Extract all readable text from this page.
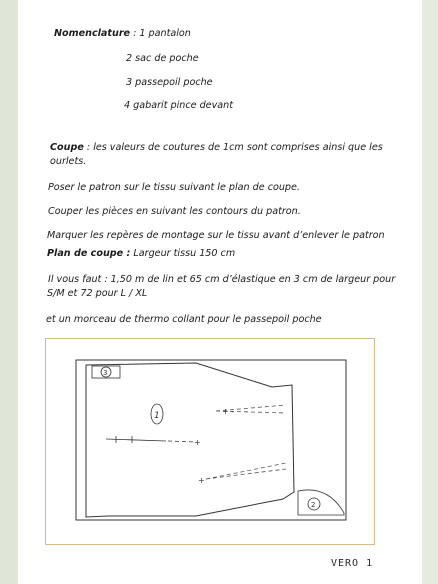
Nomenclature : 1 pantalon
2 sac de poche
3 passepoil poche
4 gabarit pince devant
Coupe : les valeurs de coutures de 1cm sont comprises ainsi que les
ourlets.
Poser le patron sur le tissu suivant le plan de coupe.
Couper les pièces en suivant les contours du patron.
Marquer les repères de montage sur le tissu avant d’enlever le patron
Plan de coupe : Largeur tissu 150 cm
Il vous faut : 1,50 m de lin et 65 cm d’élastique en 3 cm de largeur pour
S/M et 72 pour L / XL
et un morceau de thermo collant pour le passepoil poche
+
+ -
+
1
3
2
VERO 1
